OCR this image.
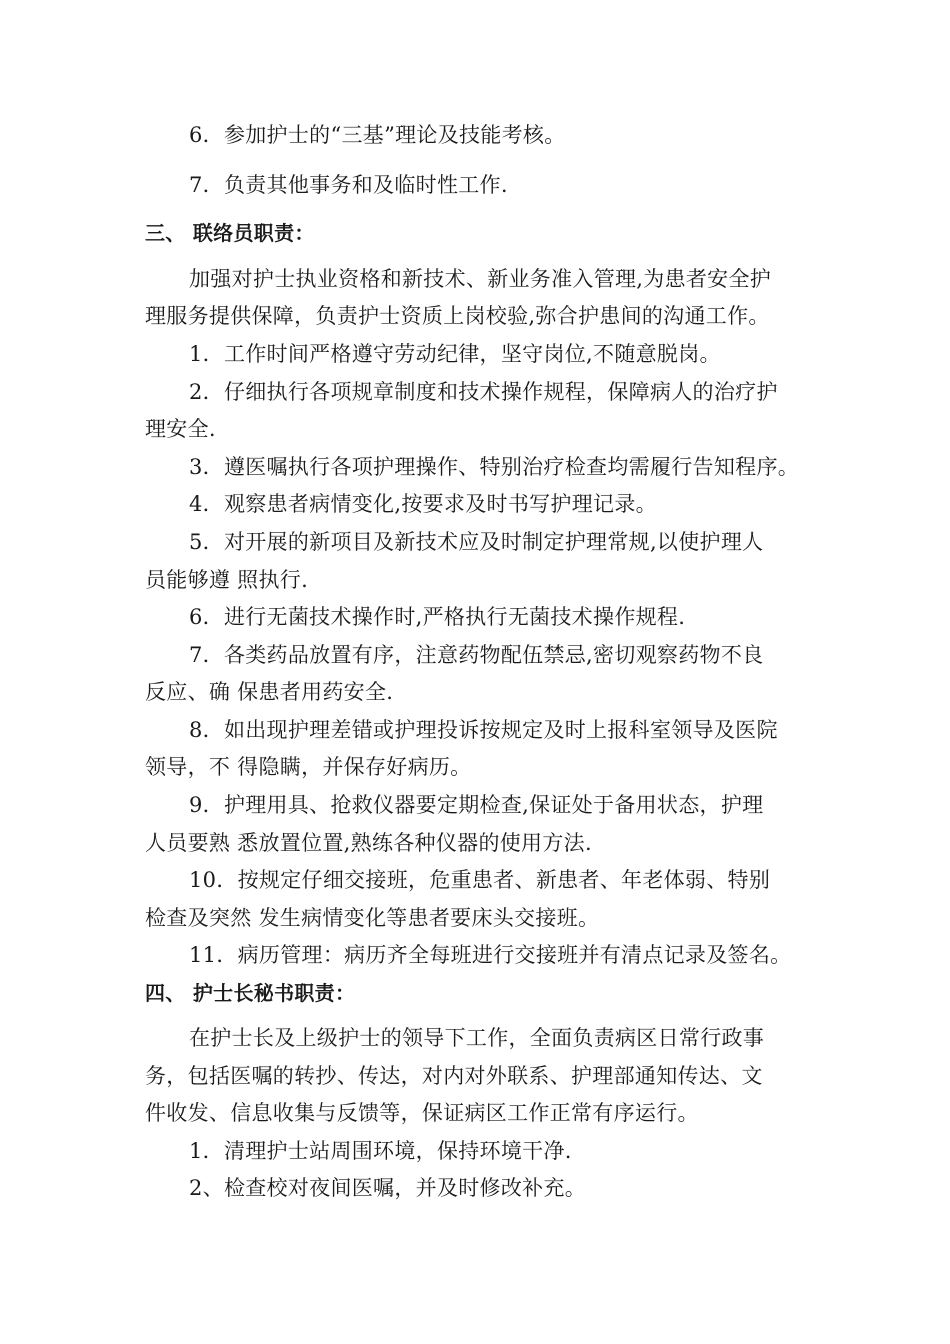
6．参加护士的“三基”理论及技能考核。
7．负责其他事务和及临时性工作.
三、 联络员职责：
加强对护士执业资格和新技术、新业务准入管理,为患者安全护
理服务提供保障，负责护士资质上岗校验,弥合护患间的沟通工作。
1．工作时间严格遵守劳动纪律，坚守岗位,不随意脱岗。
2．仔细执行各项规章制度和技术操作规程，保障病人的治疗护
理安全.
3．遵医嘱执行各项护理操作、特别治疗检查均需履行告知程序。
4．观察患者病情变化,按要求及时书写护理记录。
5．对开展的新项目及新技术应及时制定护理常规,以使护理人
员能够遵 照执行.
6．进行无菌技术操作时,严格执行无菌技术操作规程.
7．各类药品放置有序，注意药物配伍禁忌,密切观察药物不良
反应、确 保患者用药安全.
8．如出现护理差错或护理投诉按规定及时上报科室领导及医院
领导，不 得隐瞒，并保存好病历。
9．护理用具、抢救仪器要定期检查,保证处于备用状态，护理
人员要熟 悉放置位置,熟练各种仪器的使用方法.
10．按规定仔细交接班，危重患者、新患者、年老体弱、特别
检查及突然 发生病情变化等患者要床头交接班。
11．病历管理：病历齐全每班进行交接班并有清点记录及签名。
四、 护士长秘书职责：
在护士长及上级护士的领导下工作，全面负责病区日常行政事
务，包括医嘱的转抄、传达，对内对外联系、护理部通知传达、文
件收发、信息收集与反馈等，保证病区工作正常有序运行。
1．清理护士站周围环境，保持环境干净.
2、检查校对夜间医嘱，并及时修改补充。
